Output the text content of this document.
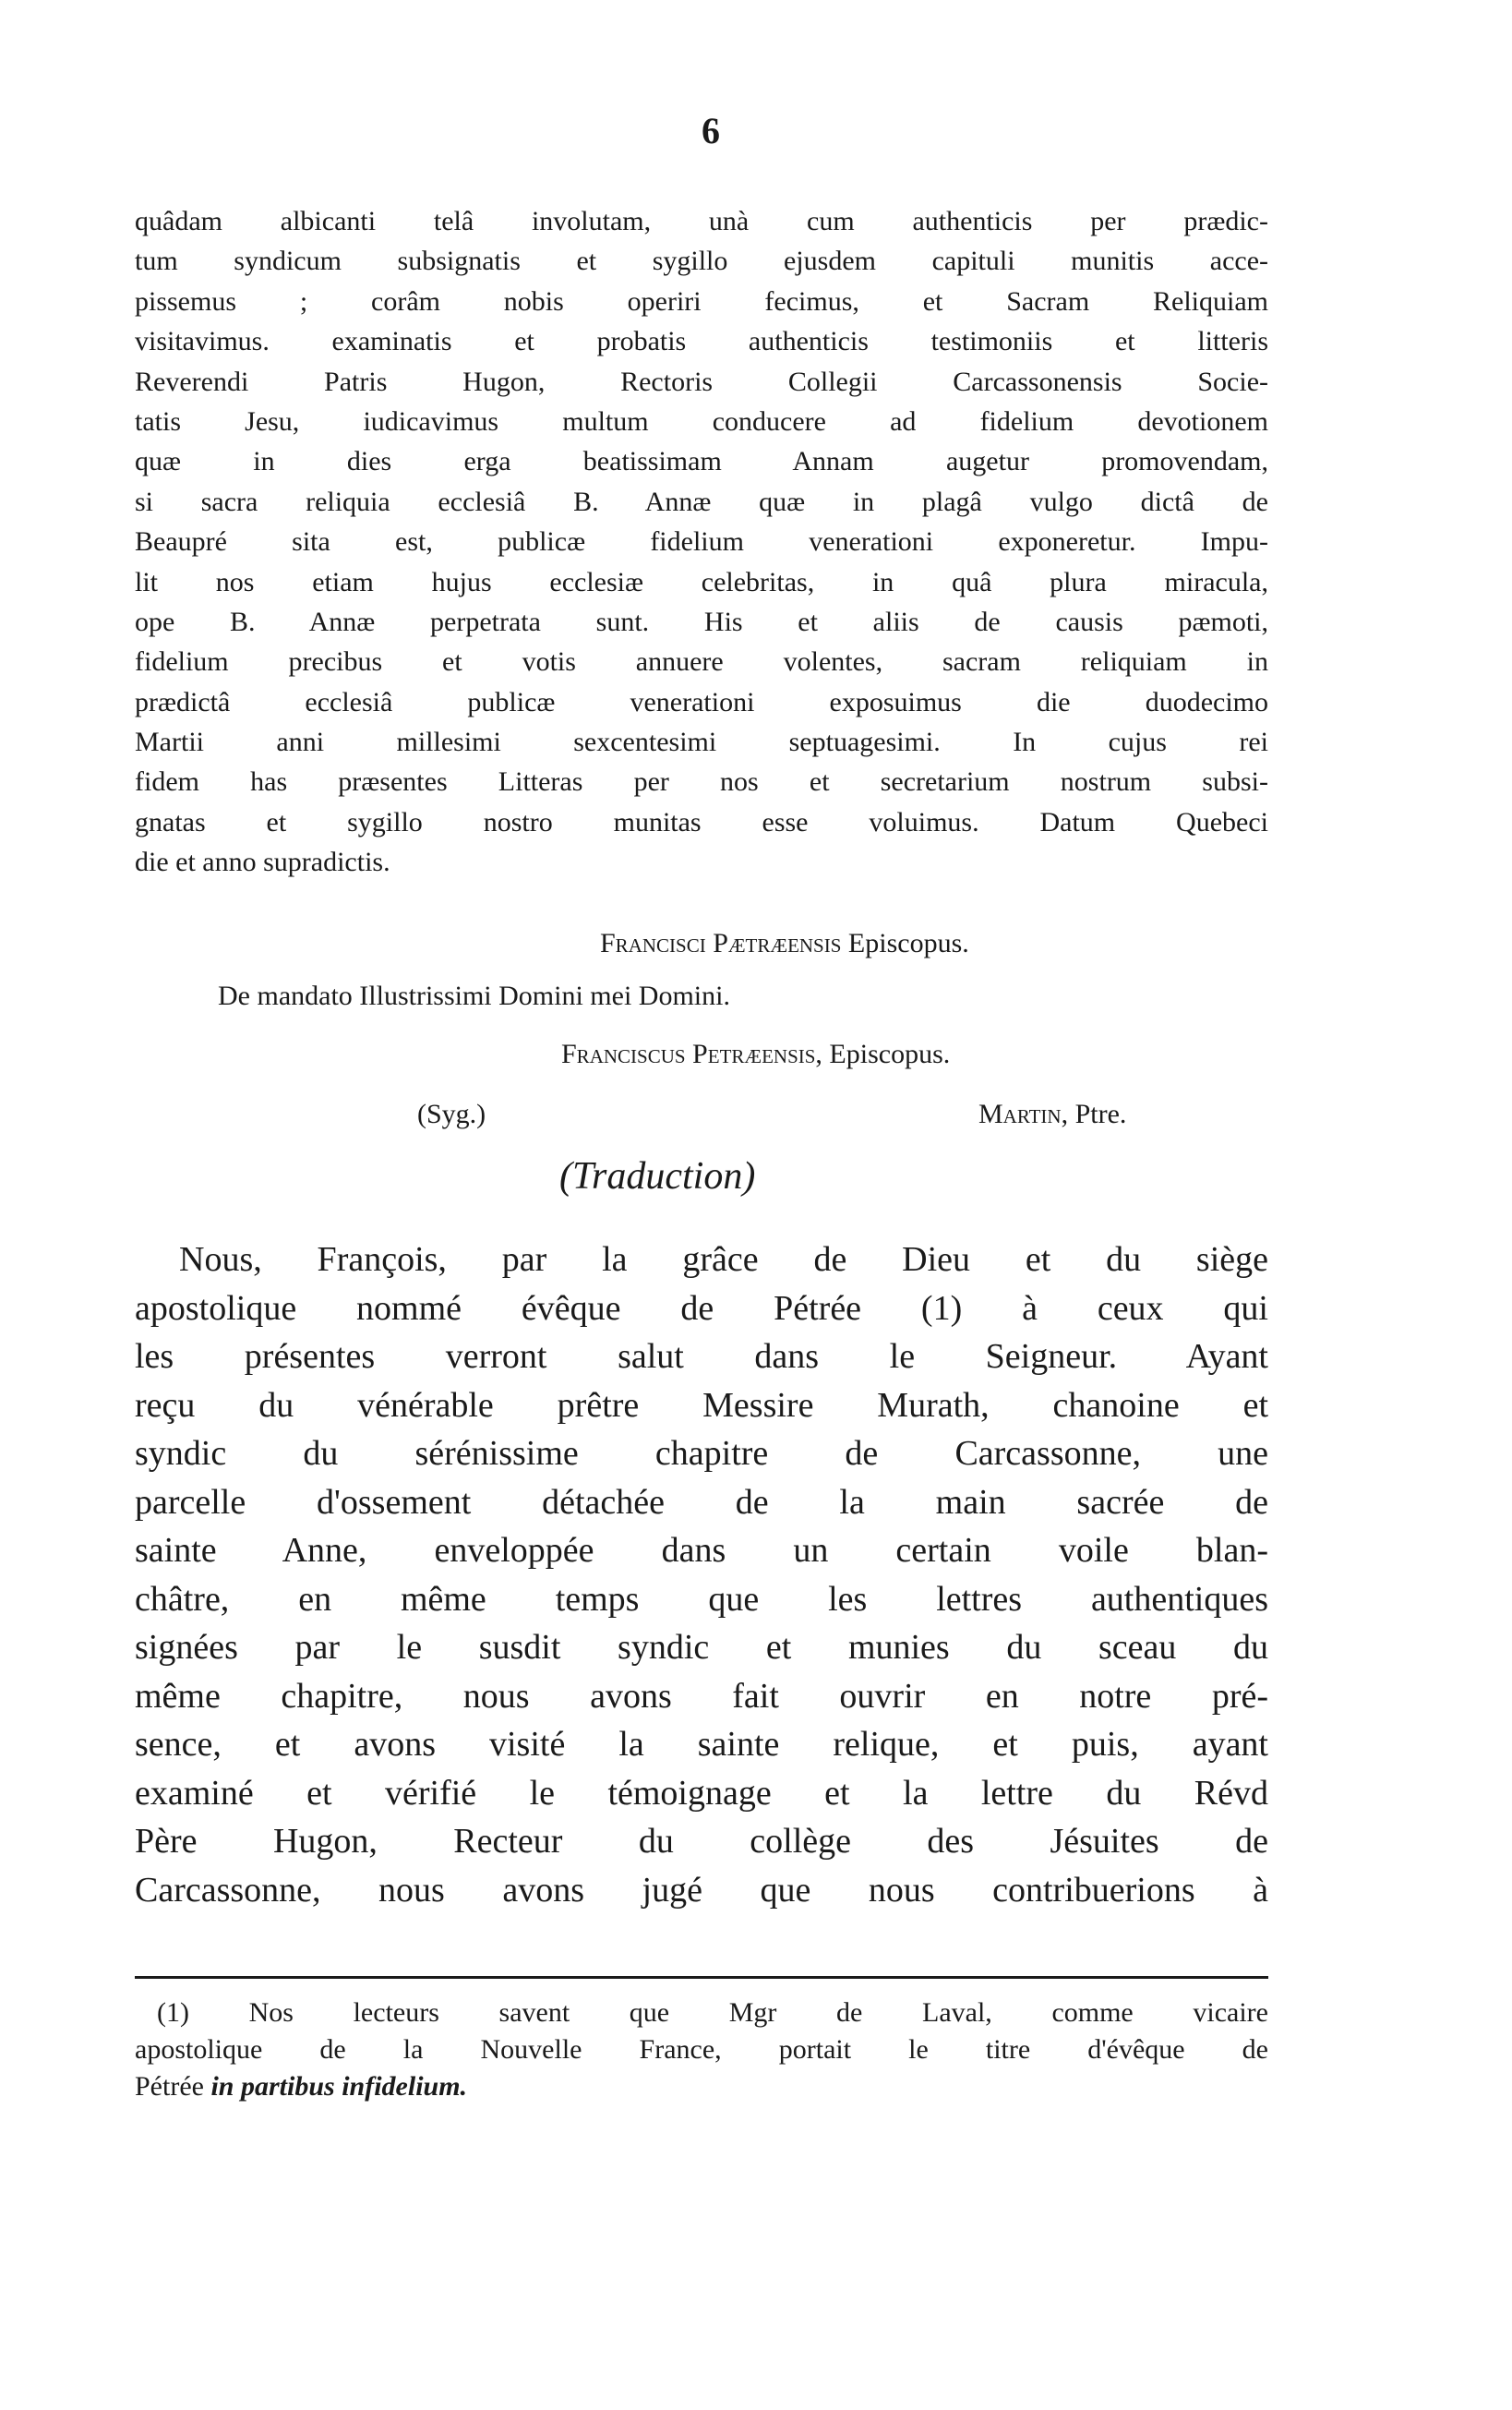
6
quâdam albicanti telâ involutam, unà cum authenticis per prædic-
tum syndicum subsignatis et sygillo ejusdem capituli munitis acce-
pissemus ; corâm nobis operiri fecimus, et Sacram Reliquiam
visitavimus. examinatis et probatis authenticis testimoniis et litteris
Reverendi Patris Hugon, Rectoris Collegii Carcassonensis Socie-
tatis Jesu, iudicavimus multum conducere ad fidelium devotionem
quæ in dies erga beatissimam Annam augetur promovendam,
si sacra reliquia ecclesiâ B. Annæ quæ in plagâ vulgo dictâ de
Beaupré sita est, publicæ fidelium venerationi exponeretur. Impu-
lit nos etiam hujus ecclesiæ celebritas, in quâ plura miracula,
ope B. Annæ perpetrata sunt. His et aliis de causis pæmoti,
fidelium precibus et votis annuere volentes, sacram reliquiam in
prædictâ ecclesiâ publicæ venerationi exposuimus die duodecimo
Martii anni millesimi sexcentesimi septuagesimi. In cujus rei
fidem has præsentes Litteras per nos et secretarium nostrum subsi-
gnatas et sygillo nostro munitas esse voluimus. Datum Quebeci
die et anno supradictis.
Francisci Pætræensis Episcopus.
De mandato Illustrissimi Domini mei Domini.
Franciscus Petræensis, Episcopus.
(Syg.)	Martin, Ptre.
(Traduction)
Nous, François, par la grâce de Dieu et du siège
apostolique nommé évêque de Pétrée (1) à ceux qui
les présentes verront salut dans le Seigneur. Ayant
reçu du vénérable prêtre Messire Murath, chanoine et
syndic du sérénissime chapitre de Carcassonne, une
parcelle d'ossement détachée de la main sacrée de
sainte Anne, enveloppée dans un certain voile blan-
châtre, en même temps que les lettres authentiques
signées par le susdit syndic et munies du sceau du
même chapitre, nous avons fait ouvrir en notre pré-
sence, et avons visité la sainte relique, et puis, ayant
examiné et vérifié le témoignage et la lettre du Révd
Père Hugon, Recteur du collège des Jésuites de
Carcassonne, nous avons jugé que nous contribuerions à
(1) Nos lecteurs savent que Mgr de Laval, comme vicaire
apostolique de la Nouvelle France, portait le titre d'évêque de
Pétrée in partibus infidelium.
